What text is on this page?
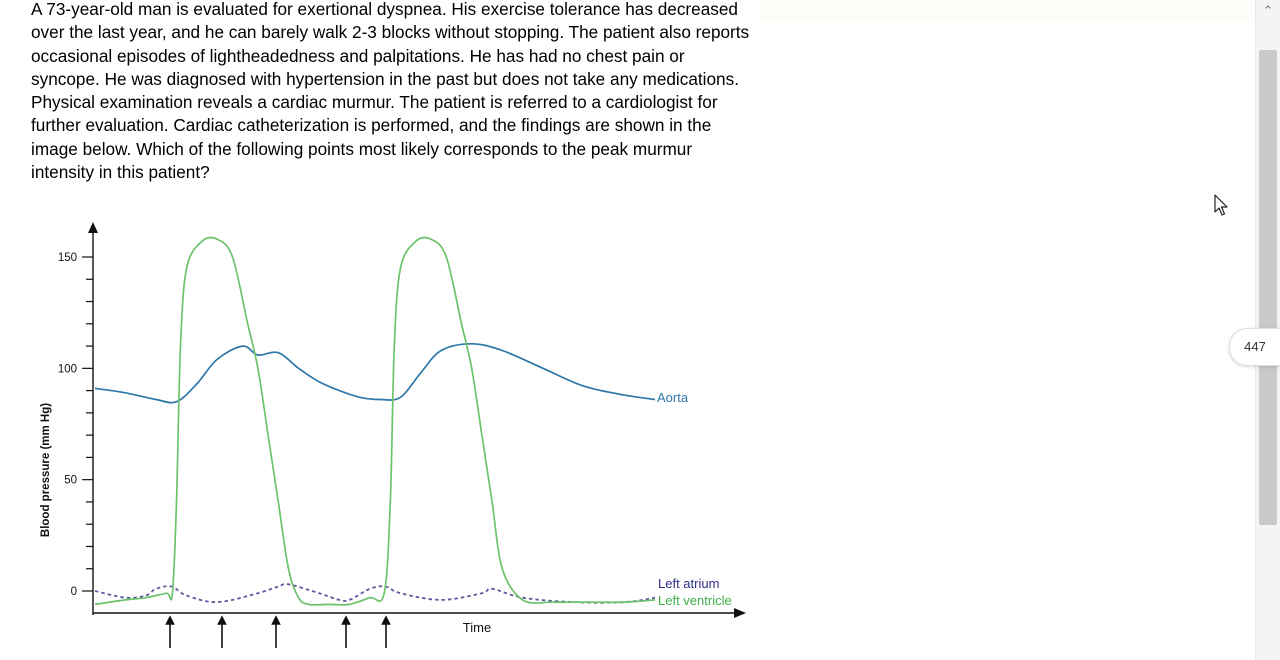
A 73-year-old man is evaluated for exertional dyspnea. His exercise tolerance has decreased over the last year, and he can barely walk 2-3 blocks without stopping. The patient also reports occasional episodes of lightheadedness and palpitations. He has had no chest pain or syncope. He was diagnosed with hypertension in the past but does not take any medications. Physical examination reveals a cardiac murmur. The patient is referred to a cardiologist for further evaluation. Cardiac catheterization is performed, and the findings are shown in the image below. Which of the following points most likely corresponds to the peak murmur intensity in this patient?
0
50
100
150
Blood pressure (mm Hg)
Time
Aorta
Left atrium
Left ventricle
⌃
447
